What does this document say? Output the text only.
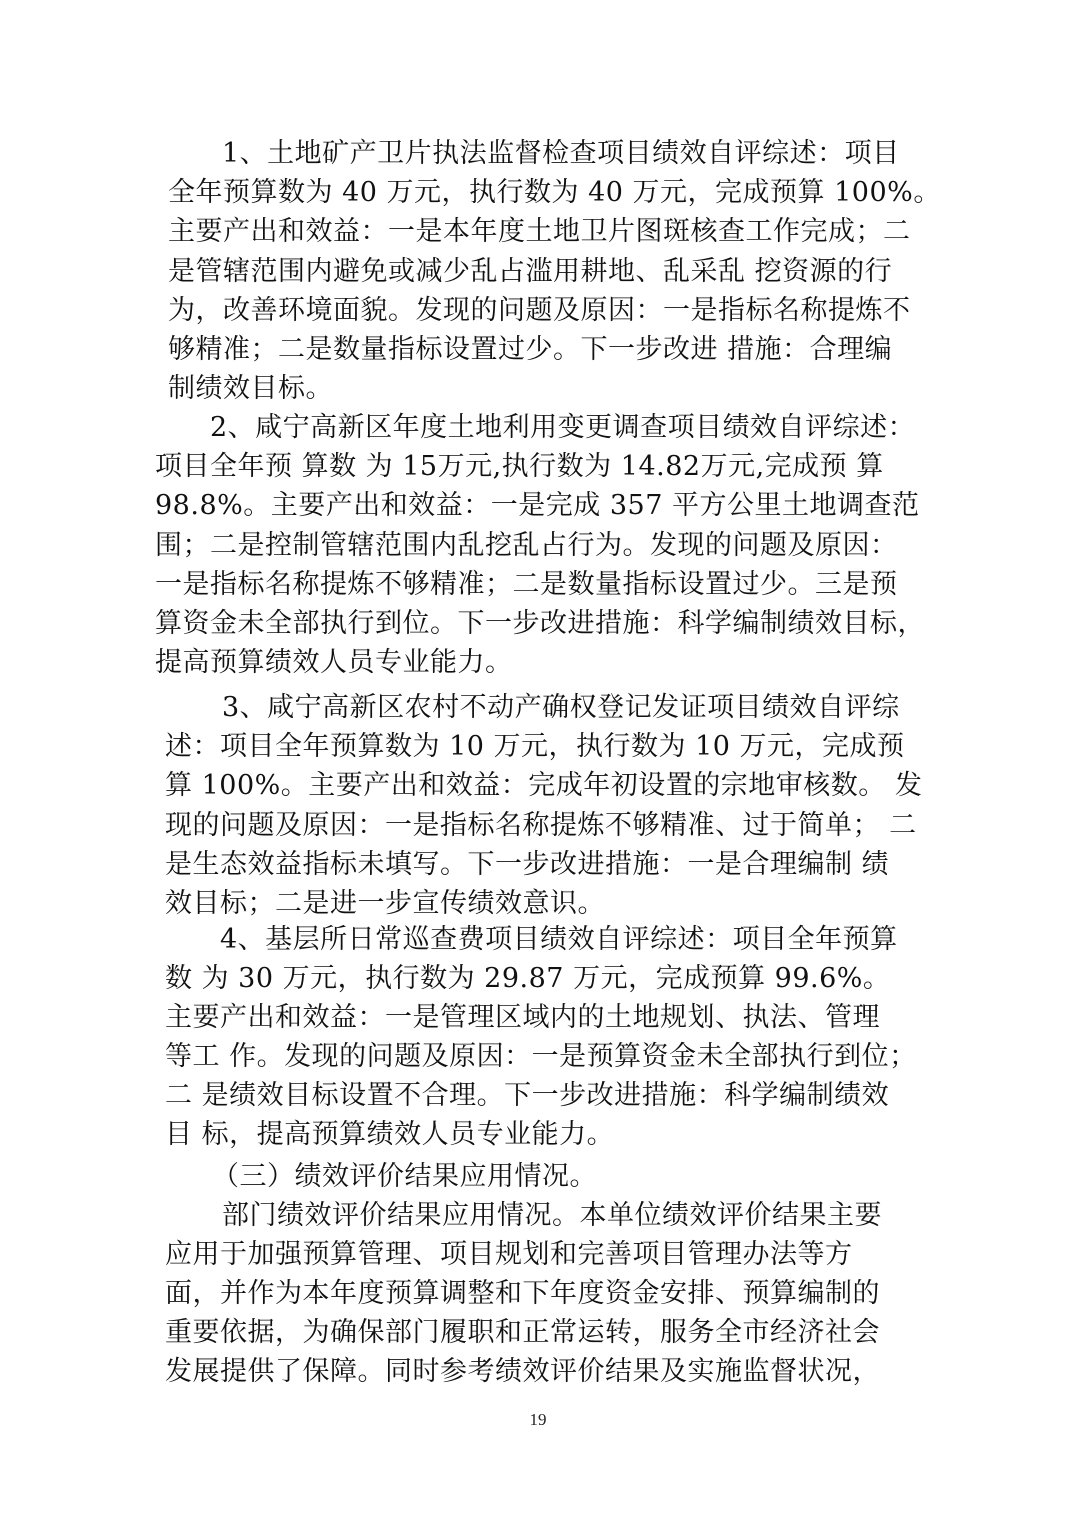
1、土地矿产卫片执法监督检查项目绩效自评综述：项目
全年预算数为 40 万元，执行数为 40 万元，完成预算 100%。
主要产出和效益：一是本年度土地卫片图斑核查工作完成；二
是管辖范围内避免或减少乱占滥用耕地、乱采乱 挖资源的行
为，改善环境面貌。发现的问题及原因：一是指标名称提炼不
够精准；二是数量指标设置过少。下一步改进 措施：合理编
制绩效目标。
2、咸宁高新区年度土地利用变更调查项目绩效自评综述：
项目全年预 算数 为 15万元,执行数为 14.82万元,完成预 算
98.8%。主要产出和效益：一是完成 357 平方公里土地调查范
围；二是控制管辖范围内乱挖乱占行为。发现的问题及原因：
一是指标名称提炼不够精准；二是数量指标设置过少。三是预
算资金未全部执行到位。下一步改进措施：科学编制绩效目标，
提高预算绩效人员专业能力。
3、咸宁高新区农村不动产确权登记发证项目绩效自评综
述：项目全年预算数为 10 万元，执行数为 10 万元，完成预
算 100%。主要产出和效益：完成年初设置的宗地审核数。 发
现的问题及原因：一是指标名称提炼不够精准、过于简单； 二
是生态效益指标未填写。下一步改进措施：一是合理编制 绩
效目标；二是进一步宣传绩效意识。
4、基层所日常巡查费项目绩效自评综述：项目全年预算
数 为 30 万元，执行数为 29.87 万元，完成预算 99.6%。
主要产出和效益：一是管理区域内的土地规划、执法、管理
等工 作。发现的问题及原因：一是预算资金未全部执行到位；
二 是绩效目标设置不合理。下一步改进措施：科学编制绩效
目 标，提高预算绩效人员专业能力。
（三）绩效评价结果应用情况。
部门绩效评价结果应用情况。本单位绩效评价结果主要
应用于加强预算管理、项目规划和完善项目管理办法等方
面，并作为本年度预算调整和下年度资金安排、预算编制的
重要依据，为确保部门履职和正常运转，服务全市经济社会
发展提供了保障。同时参考绩效评价结果及实施监督状况，
19
